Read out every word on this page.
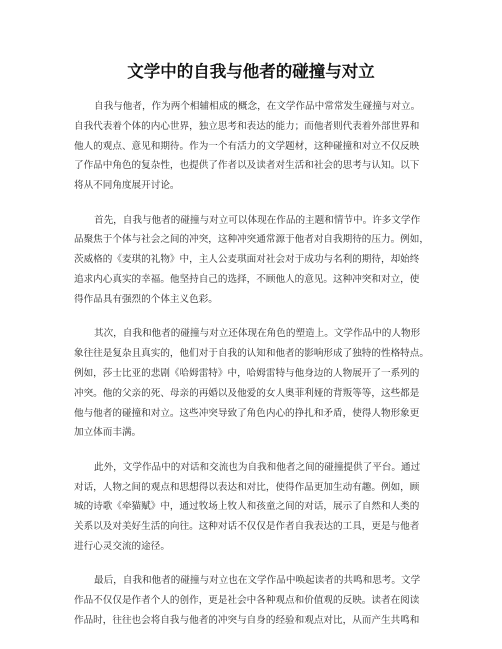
文学中的自我与他者的碰撞与对立
自我与他者，作为两个相辅相成的概念，在文学作品中常常发生碰撞与对立。
自我代表着个体的内心世界，独立思考和表达的能力；而他者则代表着外部世界和
他人的观点、意见和期待。作为一个有活力的文学题材，这种碰撞和对立不仅反映
了作品中角色的复杂性，也提供了作者以及读者对生活和社会的思考与认知。以下
将从不同角度展开讨论。
首先，自我与他者的碰撞与对立可以体现在作品的主题和情节中。许多文学作
品聚焦于个体与社会之间的冲突，这种冲突通常源于他者对自我期待的压力。例如，
茨威格的《麦琪的礼物》中，主人公麦琪面对社会对于成功与名利的期待，却始终
追求内心真实的幸福。他坚持自己的选择，不顾他人的意见。这种冲突和对立，使
得作品具有强烈的个体主义色彩。
其次，自我和他者的碰撞与对立还体现在角色的塑造上。文学作品中的人物形
象往往是复杂且真实的，他们对于自我的认知和他者的影响形成了独特的性格特点。
例如，莎士比亚的悲剧《哈姆雷特》中，哈姆雷特与他身边的人物展开了一系列的
冲突。他的父亲的死、母亲的再婚以及他爱的女人奥菲利娅的背叛等等，这些都是
他与他者的碰撞和对立。这些冲突导致了角色内心的挣扎和矛盾，使得人物形象更
加立体而丰满。
此外，文学作品中的对话和交流也为自我和他者之间的碰撞提供了平台。通过
对话，人物之间的观点和思想得以表达和对比，使得作品更加生动有趣。例如，顾
城的诗歌《牵猫赋》中，通过牧场上牧人和孩童之间的对话，展示了自然和人类的
关系以及对美好生活的向往。这种对话不仅仅是作者自我表达的工具，更是与他者
进行心灵交流的途径。
最后，自我和他者的碰撞与对立也在文学作品中唤起读者的共鸣和思考。文学
作品不仅仅是作者个人的创作，更是社会中各种观点和价值观的反映。读者在阅读
作品时，往往也会将自我与他者的冲突与自身的经验和观点对比，从而产生共鸣和
